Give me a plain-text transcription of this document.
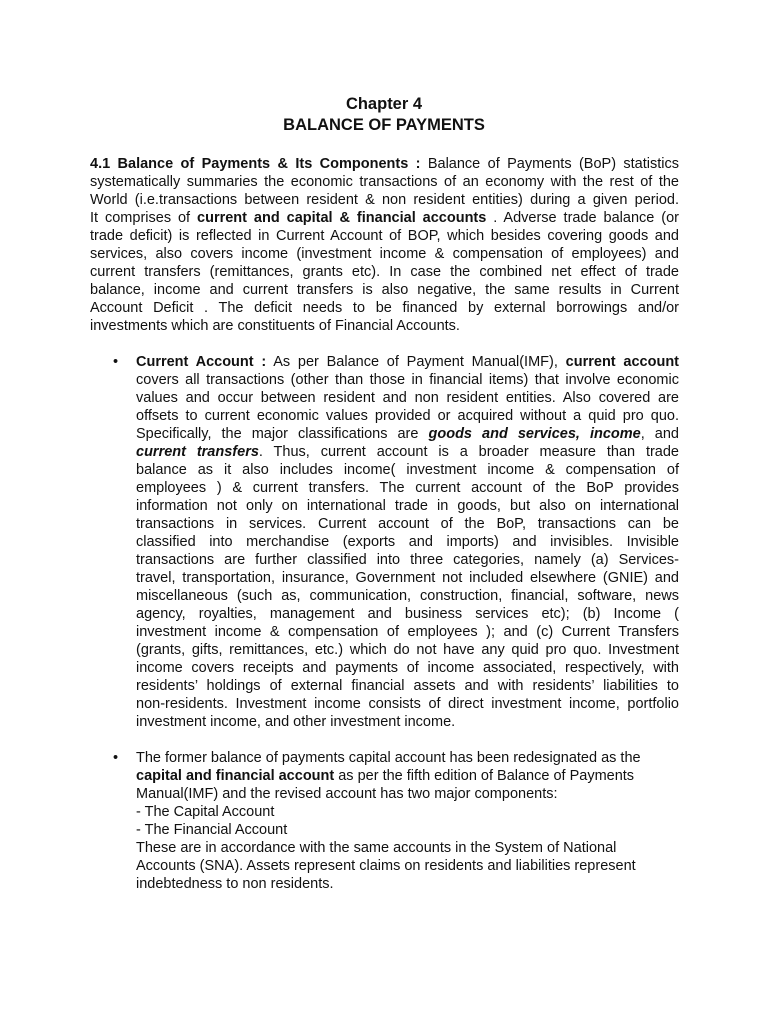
Chapter 4
BALANCE OF PAYMENTS
4.1 Balance of Payments & Its Components : Balance of Payments (BoP) statistics
systematically summaries the economic transactions of an economy with the rest of the
World (i.e.transactions between resident & non resident entities) during a given period.
It comprises of current and capital & financial accounts . Adverse trade balance (or
trade deficit) is reflected in Current Account of BOP, which besides covering goods and
services, also covers income (investment income & compensation of employees) and
current transfers (remittances, grants etc). In case the combined net effect of trade
balance, income and current transfers is also negative, the same results in Current
Account Deficit . The deficit needs to be financed by external borrowings and/or
investments which are constituents of Financial Accounts.
• Current Account : As per Balance of Payment Manual(IMF), current account
covers all transactions (other than those in financial items) that involve economic
values and occur between resident and non resident entities. Also covered are
offsets to current economic values provided or acquired without a quid pro quo.
Specifically, the major classifications are goods and services, income, and
current transfers. Thus, current account is a broader measure than trade
balance as it also includes income( investment income & compensation of
employees ) & current transfers. The current account of the BoP provides
information not only on international trade in goods, but also on international
transactions in services. Current account of the BoP, transactions can be
classified into merchandise (exports and imports) and invisibles. Invisible
transactions are further classified into three categories, namely (a) Services-
travel, transportation, insurance, Government not included elsewhere (GNIE) and
miscellaneous (such as, communication, construction, financial, software, news
agency, royalties, management and business services etc); (b) Income (
investment income & compensation of employees ); and (c) Current Transfers
(grants, gifts, remittances, etc.) which do not have any quid pro quo. Investment
income covers receipts and payments of income associated, respectively, with
residents’ holdings of external financial assets and with residents’ liabilities to
non-residents. Investment income consists of direct investment income, portfolio
investment income, and other investment income.
• The former balance of payments capital account has been redesignated as the
capital and financial account as per the fifth edition of Balance of Payments
Manual(IMF) and the revised account has two major components:
- The Capital Account
- The Financial Account
These are in accordance with the same accounts in the System of National
Accounts (SNA). Assets represent claims on residents and liabilities represent
indebtedness to non residents.
